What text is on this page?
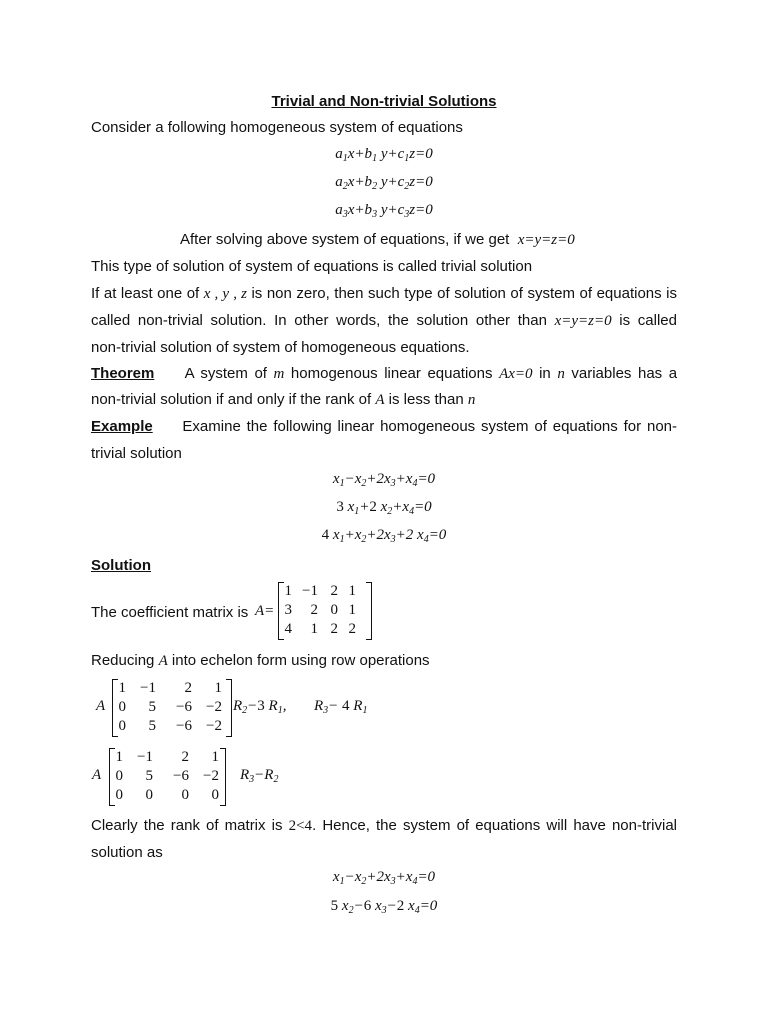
Trivial and Non-trivial Solutions
Consider a following homogeneous system of equations
$a_1x+b_1$ $y+c_1z=0$
$a_2x+b_2$ $y+c_2z=0$
$a_3x+b_3$ $y+c_3z=0$
After solving above system of equations, if we get x=y=z=0
This type of solution of system of equations is called trivial solution
If at least one of x , y , z is non zero, then such type of solution of system of equations is
called non-trivial solution. In other words, the solution other than x=y=z=0 is called
non-trivial solution of system of homogeneous equations.
Theorem A system of m homogenous linear equations Ax=0 in n variables has a
non-trivial solution if and only if the rank of A is less than n
Example Examine the following linear homogeneous system of equations for non-
trivial solution
$x_1-x_2+2x_3+x_4=0$
3 $x_1+2$ $x_2+x_4=0$
4 $x_1+x_2+2x_3+2$ $x_4=0$
Solution
The coefficient matrix is A=
1 −1 2 1
3	2 0 1
4	1 2 2
Reducing A into echelon form using row operations
A
1 −1	2	1
0	5	−6 −2
0	5	−6 −2
$R_2-3$ $R_1$, $R_3- 4$ $R_1$
A
1 −1	2	1
0	5	−6 −2
0	0	0	0
$R_3-R_2$
Clearly the rank of matrix is 2<4. Hence, the system of equations will have non-trivial
solution as
$x_1-x_2+2x_3+x_4=0$
5 $x_2-6$ $x_3-2$ $x_4=0$
